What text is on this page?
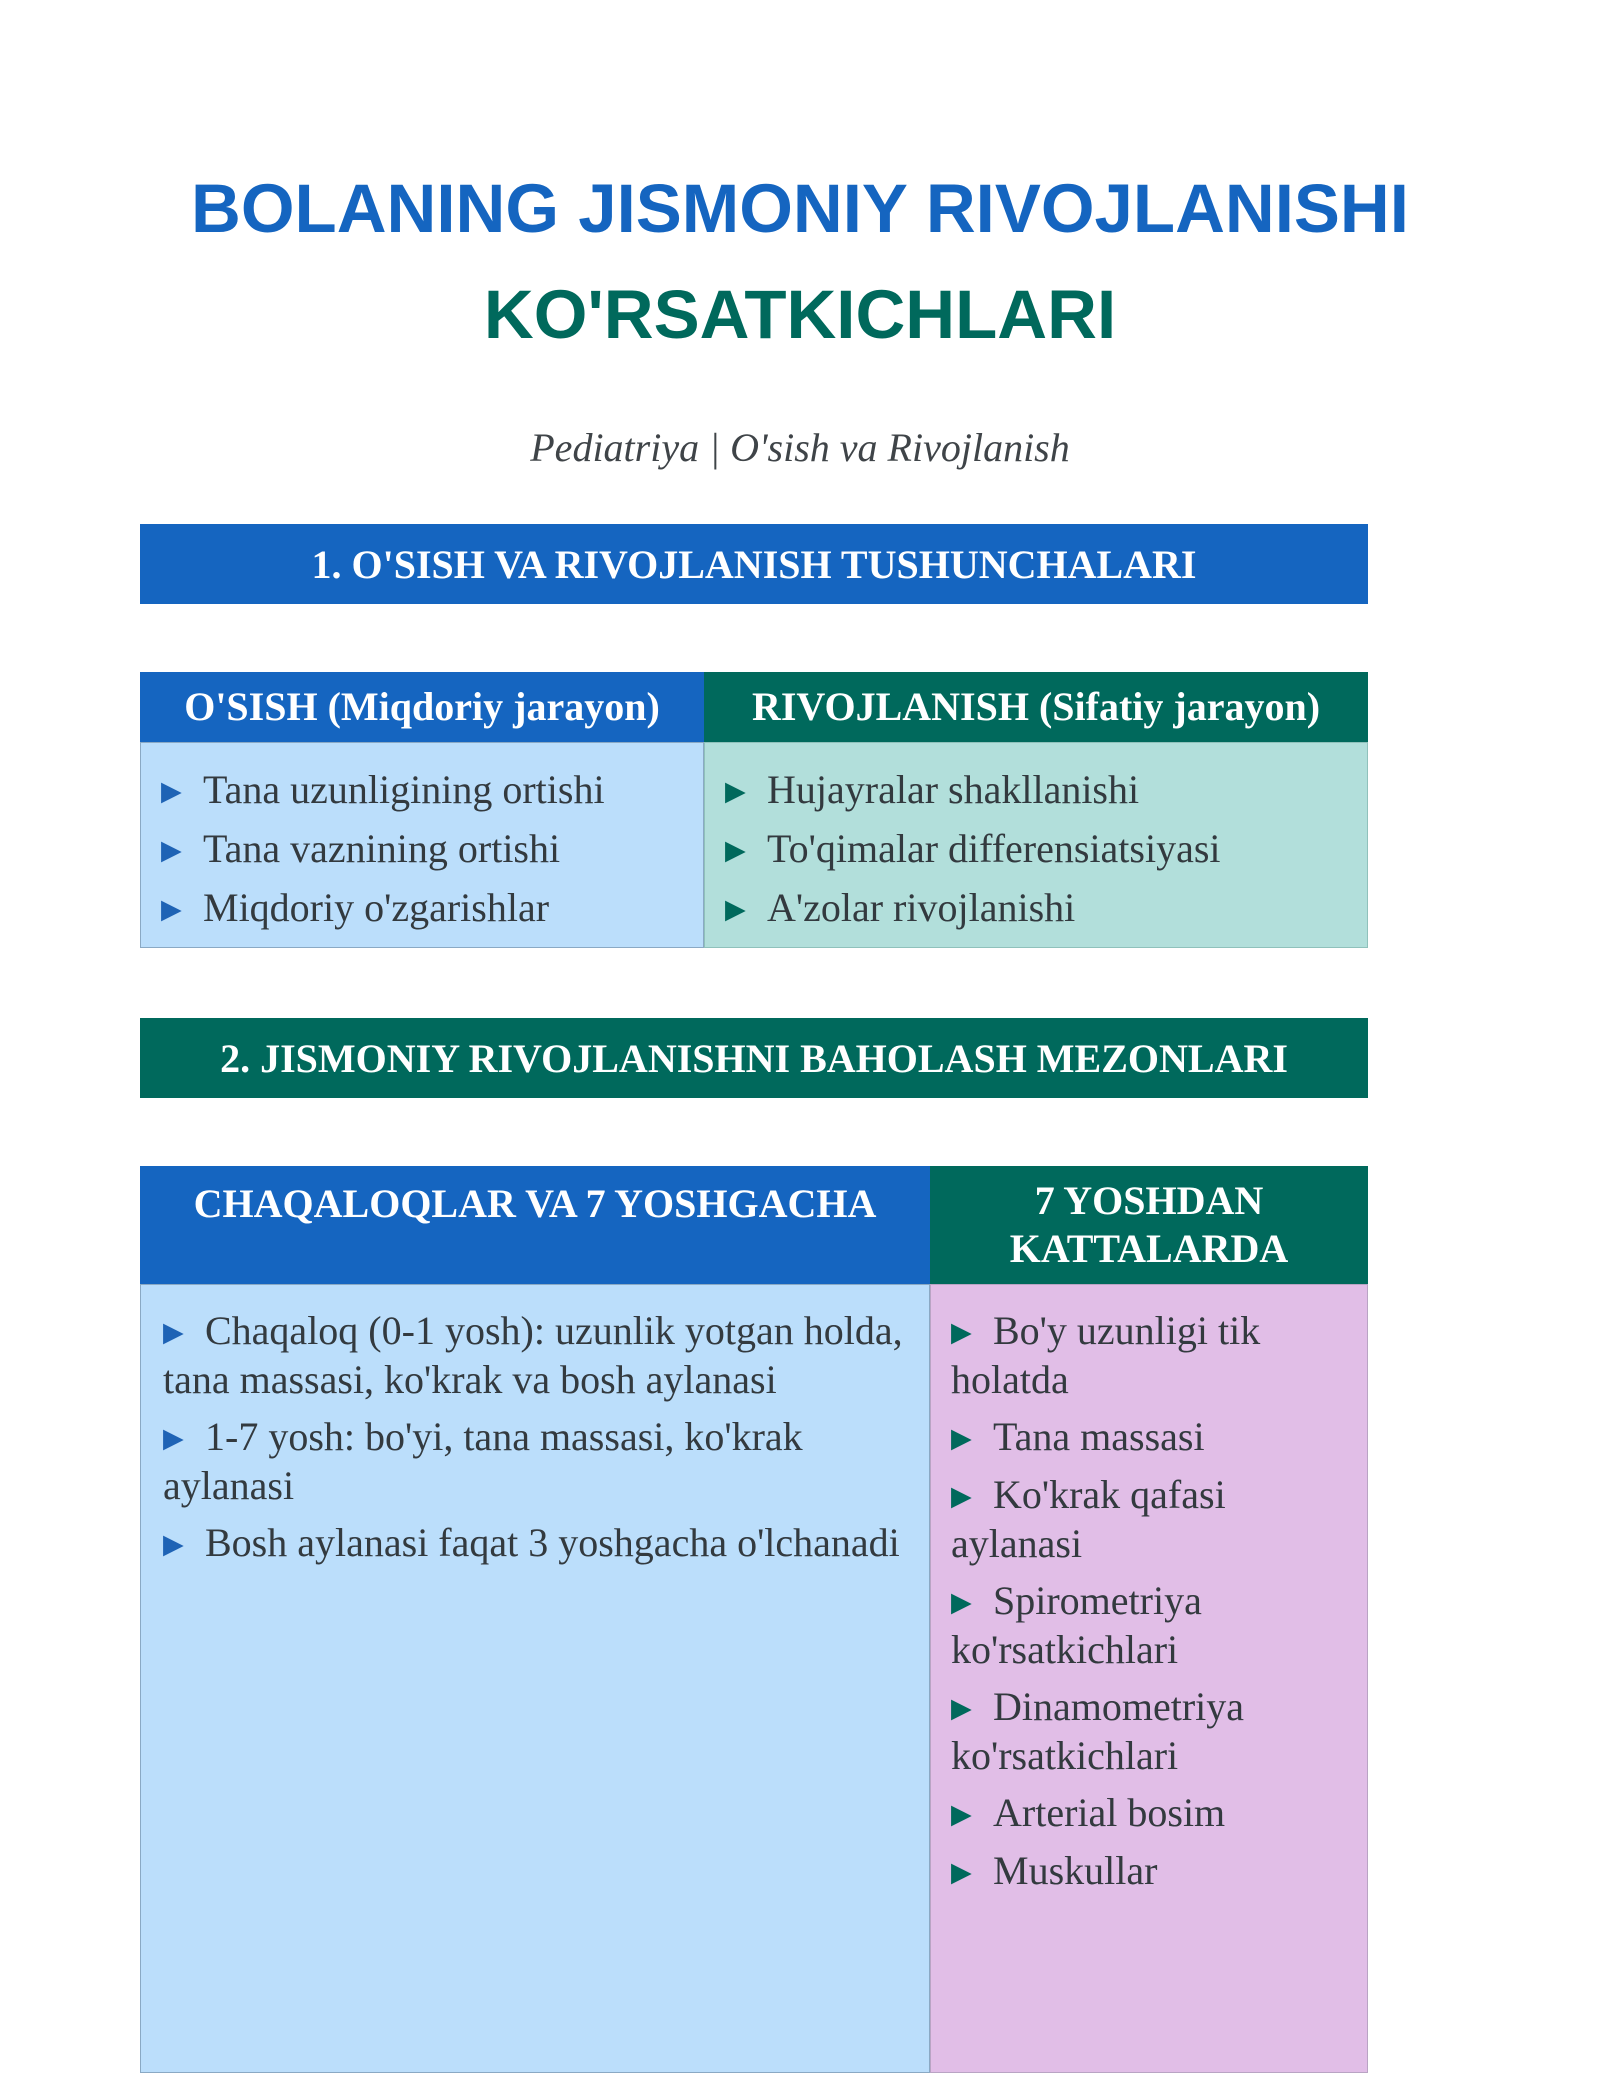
BOLANING JISMONIY RIVOJLANISHI
KO'RSATKICHLARI
Pediatriya | O'sish va Rivojlanish
1. O'SISH VA RIVOJLANISH TUSHUNCHALARI
O'SISH (Miqdoriy jarayon)	RIVOJLANISH (Sifatiy jarayon)
▶ Tana uzunligining ortishi
▶ Tana vaznining ortishi
▶ Miqdoriy o'zgarishlar
▶ Hujayralar shakllanishi
▶ To'qimalar differensiatsiyasi
▶ A'zolar rivojlanishi
2. JISMONIY RIVOJLANISHNI BAHOLASH MEZONLARI
CHAQALOQLAR VA 7 YOSHGACHA	7 YOSHDAN
KATTALARDA
▶ Chaqaloq (0-1 yosh): uzunlik yotgan holda, tana massasi, ko'krak va bosh aylanasi
▶ 1-7 yosh: bo'yi, tana massasi, ko'krak aylanasi
▶ Bosh aylanasi faqat 3 yoshgacha o'lchanadi
▶ Bo'y uzunligi tik holatda
▶ Tana massasi
▶ Ko'krak qafasi aylanasi
▶ Spirometriya ko'rsatkichlari
▶ Dinamometriya ko'rsatkichlari
▶ Arterial bosim
▶ Muskullar
